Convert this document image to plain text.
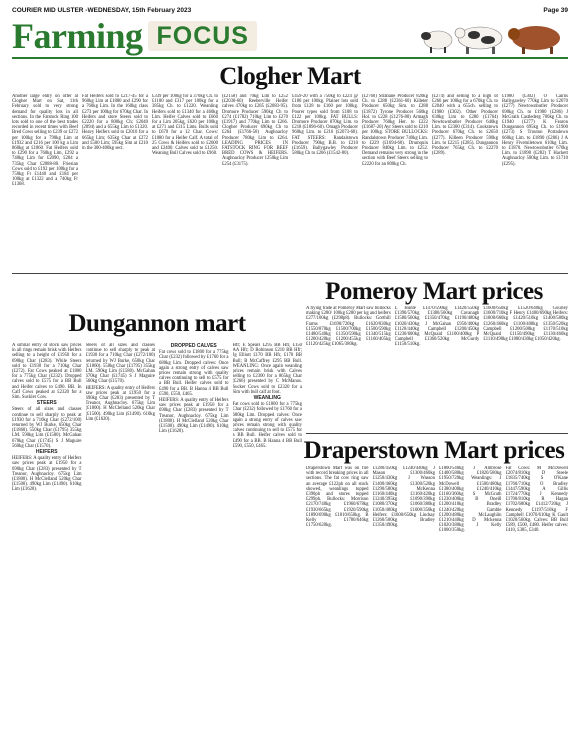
COURIER MID ULSTER -WEDNESDAY, 15th February 2023	Page 39
Farming FOCUS
Clogher Mart

Another large entry on offer at Clogher Mart on Sat, 11th February sold to very strong demand for quality lots in all sections. In the Fatstock Ring 100 lots sold to one of the best trades recorded in recent times with Beef Bred Cows selling to £239 or £272 per 100kg for a 790kg Lim at £1932 and £216 per 100 kg a Lim 860kg at £1860. Fat Heifers sold to £290 for a 760kg Lim, £292 a 740kg Lim for £2090, £284 a 735kg Char £2088-80. Friesian Cows sold to £192 per 100kg for a 750kg Fr £1440 and £184 per 100kg at £1322 and a 740kg Fr £1368.

Fat Heifers sold to £217-45 for a 960kg Lim at £1880 and £290 for a 760kg Lim. In the 160kg class £273 per 100kg for 670kg Char. In Heifers and store Steers sold to £2220 for a 800kg Ch; £2040 (2094) and a 655kg Lim to £1320. Heavy Heifers sold to £2010 for a 665kg Lim; 635kg Char at £272 and £500 Lim; 595kg Sim at £210 in the 300-400kg sect.

£339 per 100kg for a 370kg Ch. to £1180 and £317 per 100kg for a 385kg Ch. to £1220. Weanling Heifers sold to £1340 for a 460kg Lim. Heifer Calves sold to £660 for a Lim 205kg, £620 per 100kg at £271 and £315 Lims. Bulls sold to £670 for a 12 Char. Cows: £1080 for a Heifer Calf. A total of 25 Cows & Heifers sold to £2600 and £2400. Calves sold to £1250. Weaning Bull Calves sold to £960.

(£2158) and 70kg Lim to £252 (£2030-60) Reeberville Heifer calves 470kg to £285 (£2083-95). Dromore Producer 590kg Ch to £274 (£1782) 710kg Lim to £270 (£1917) and 770kg Lim to £266. Clogher Producer 690kg Ch to £264 (£1766-50) Aughnacloy Producer 780kg Lim to £264. LEADING PRICES IN FATSTOCK RING FOR BEEF BRED COWS & HEIFERS. Aughnacloy Producer 1250kg Lim £254 (£3175).

£459-20 with a 750kg to £224 @ £180 per 100kg. Plainer lots sold from £128 to £160 per 100kg. Poorer types sold from £108 to £122 per 100kg. FAT BULLS: Dromore Producer 870kg Lim. to £218 (£1896-60). Omagh Producer 960kg Lim. to £216 (£2073-60). FAT STEERS: Randalstown Producer 790kg B.B. to £210 (£1659). Ballygawley Producer 580kg Ch to £266 (£1542-80).

(£2760) Strabane Producer 820kg Ch. to £288 (£2361-60) Killeter Producer 650kg Sim. to £288 (£1872) Tyrone Producer 560kg Hol. to £228 (£1276-80) Armagh Producer 760kg Her. to £222 (£1687-20) Ayr Steers sold to £210 per 100kg. STORE BULLOCKS: Randalstown Producer 740kg Lim. to £229 (£1694-60). Drumquin Producer 840kg Lim. to £252. Demand remains very strong in the section with Beef Steers selling to £2220 for an 800kg Ch.

(£274) and selling to a high of £266 per 100kg for a 670kg Ch. to £2040 with a 655ch. selling to £1980 (£302). Other Producer 630kg Lim to £280 (£1764) Newtownbutler Producer 640kg Lim. to £2300 (£314). Cookstown Producer 670kg Ch. to £2650 (£277). Killeen Producer 590kg Lim. to £2215 (£285). Dungannon Producer 765kg Ch. to £2270 (£289).

£1980 (£302) O Cairns Ballygawley 770kg Lim to £2070 (£277) Newtownbutler Producer 690kg Ch. to £1980 (£286) J McGrath Castlederg 700kg Ch. to £1940 (£277) K Fearon Dungannon 695kg Ch. to £1900 (£273) S Trouton Portadown 660kg Lim. to £1890 (£286) J A Henry Fivemiletown 610kg Lim. to £1870. Newtownbutler 670kg Lim. to £1890 (£282) T Hackett Aughnacloy 580kg Lim. to £1710 (£295).

Dungannon mart

A similar entry of stock saw prices in all rings remain brisk with Heifers selling to a height of £1950 for a 690kg Char (£283). While Steers sold to £1930 for a 710kg Char (£272). Fat Cows peaked at £1800 for a 775kg Char (£232). Dropped calves sold to £575 for a BB Bull and Heifer calves to £490. BB. In Calf Cows peaked at £2320 for a Sim. Suckler Cow.

STEERS

Steers of all sizes and classes continue to sell sharply to peak at £1930 for a 710kg Char (£272/100) returned by WJ Burke, 650kg Char (£1860). 550kg Char (£1795) 355kg LM. 590kg Lim (£1580). McGahan 670kg Char (£1745) S J Maguire 560kg Char (£1570).

HEIFERS

HEIFERS: A quality entry of Heifers saw prices peak at £1950 for a 690kg Char (£283) presented by T Treanor, Aughnacloy. 675kg Lim (£1800). H McClelland 520kg Char (£1500). 490kg Lim (£1490). 610kg Lim (£1620).

Steers of all sizes and classes continue to sell sharply to peak at £1930 for a 710kg Char (£272/100) returned by WJ Burke, 650kg Char (£1860). 550kg Char (£1795) 355kg LM. 590kg Lim (£1580). McGahan 670kg Char (£1745) S J Maguire 560kg Char (£1570).

HEIFERS: A quality entry of Heifers saw prices peak at £1950 for a 690kg Char (£283) presented by T Treanor, Aughnacloy. 675kg Lim (£1800). H McClelland 520kg Char (£1500). 490kg Lim (£1490). 610kg Lim (£1620).

DROPPED CALVES

Fat cows sold to £1800 for a 775kg Char (£232) followed by £1760 for a 680kg Lim. Dropped calves: Once again a strong entry of calves saw prices remain strong with quality calves continuing to sell to £575 for a BB Bull. Heifer calves sold to £490 for a BB. B Hanna 4 BB Bull £590, £550, £465.

HEIFERS: A quality entry of Heifers saw prices peak at £1950 for a 690kg Char (£283) presented by T Treanor, Aughnacloy. 675kg Lim (£1800). H McClelland 520kg Char (£1500). 490kg Lim (£1490). 610kg Lim (£1620).

Hfr; E Spears £295 BB Hfr, £150 AA Hfr; D Robinson £210 BB Hfr; Jg Elliott £170 BB Hfr, £170 BB Bull; B McCaffrey £295 BB Bull. WEANLING: Once again weanling prices remain brisk with Calves selling to £2300 for a 865kg Char (£266) presented by C McManus. Sucker Cows sold to £2320 for a Sim with bull calf at foot.

WEANLING

Fat cows sold to £1800 for a 775kg Char (£232) followed by £1760 for a 680kg Lim. Dropped calves: Once again a strong entry of calves saw prices remain strong with quality calves continuing to sell to £575 for a BB Bull. Heifer calves sold to £490 for a BB. B Hanna 4 BB Bull £590, £550, £465.

Pomeroy Mart prices

A fiying trade at Pomeroy Mart saw bullocks making £280/ 100kg £280 per kg and heifers £277/100kg (£298p8). Bullocks: Gorthill Farms £1690/720kg £1620/830kg £1550/870kg £1500/700kg £1500/590kg £1480/540kg £1350/590kg £1340/515kg £1200/420kg £1200/455kg £1160/405kg £1120/425kg £1065/380kg.

L Hunte £1470/590kg £1420/550kg £1390/570kg £1380/560kg Cavanagh £1580/560kg £1350/470kg £1190/480kg £1020/430kg J McGahan £950/400kg £1120/440kg Campbell £1200/450kg £1230/600kg McQuaid £1100/400kg P Campbell £1360/520kg McGurdy £1150/510kg.

£1600/650kg £1520/640kg Gourley £1600/710kg F Henry £1400/690kg Heifers: £1800/660kg £1420/510kg £1400/580kg £1260/460kg £1100/400kg £1350/520kg Campbell £1200/500kg £1170/510kg McQuaid £1150/490kg £1130/460kg £1110/490kg £1080/430kg £1050/420kg.

Draperstown Mart prices

Draperstown Mart was on fire with record breaking prices in all sections. The fat cow ring saw an average £122ph on all stock showed, weanlings topped £390ph and stores topped £299ph. Bullocks: Morrison £2170/740kg £1960/678kg £1930/665kg £1920/590kg £1890/690kg £1810/650kg. B Kelly £1780/646kg £1750/620kg.

£1280/450kg £1240/440kg J Mason £1300/460kg £1250/430kg J Wasson £1400/460kg £1300/520kg £1290/580kg McKenna £1160/440kg £1160/420kg £1240/395kg £1090/390kg £1080/370kg £1060/380kg £1050/400kg £1000/350kg Heifers: £1600/650kg Lindsay £1260/500kg Bradley £1350/490kg.

£1800/540kg J Ambrose £1400/580kg £1820/580kg £1950/720kg Weanlings: J McDowell £1500/480kg £1380/400kg £1240/410kg £1160/360kg S McGrath £1230/400kg B Oneill £1200/410kg Bradley £1240/420kg Gamble £1200/480kg McLaughlin £1210/440kg D Mckenna £1020/380kg J Kelly £1000/350kg.

Fat Cows: M McDowell £2074/810kg D Steele £1835/740kg S O'Kane £1760/710kg O Bradley £1447/590kg A Gillis £1724/770kg J Kennedy £1700/810kg R Hagan £1702/680kg £1412/720kg J Kennedy £1197/510kg F Campbell £1070/610kg K Gault £1020/560kg. Calves: BB Bull £589, £500, £480. Heifer calves: £410, £385, £340.
